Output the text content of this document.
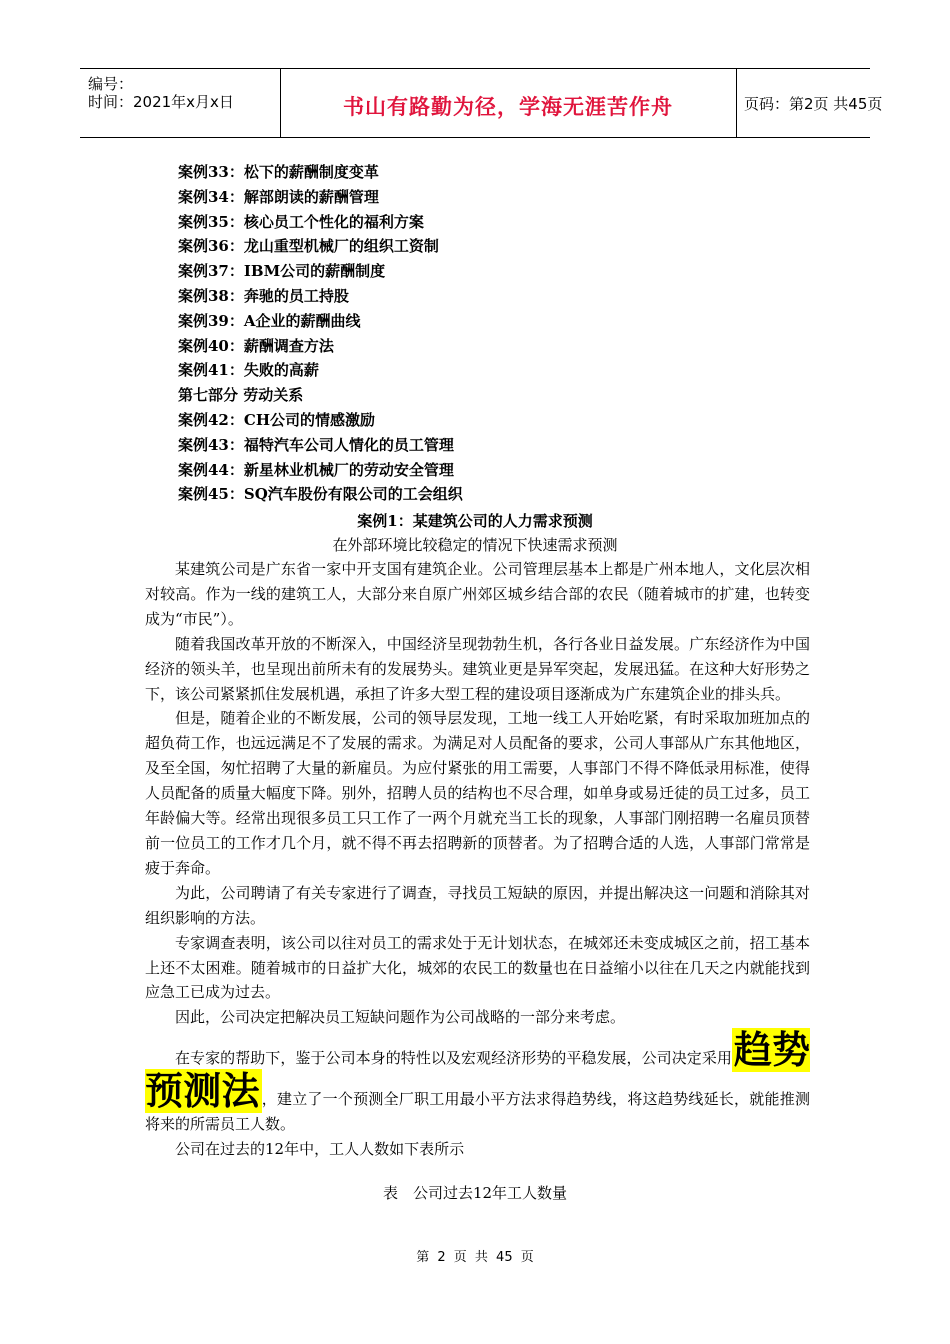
编号：
时间：2021年x月x日	书山有路勤为径，学海无涯苦作舟	页码：第2页 共45页
案例33：松下的薪酬制度变革
案例34：解部朗读的薪酬管理
案例35：核心员工个性化的福利方案
案例36：龙山重型机械厂的组织工资制
案例37：IBM公司的薪酬制度
案例38：奔驰的员工持股
案例39：A企业的薪酬曲线
案例40：薪酬调查方法
案例41：失败的高薪
第七部分 劳动关系
案例42：CH公司的情感激励
案例43：福特汽车公司人情化的员工管理
案例44：新星林业机械厂的劳动安全管理
案例45：SQ汽车股份有限公司的工会组织
案例1：某建筑公司的人力需求预测
在外部环境比较稳定的情况下快速需求预测

某建筑公司是广东省一家中开支国有建筑企业。公司管理层基本上都是广州本地人，文化层次相对较高。作为一线的建筑工人，大部分来自原广州郊区城乡结合部的农民（随着城市的扩建，也转变成为“市民”）。

随着我国改革开放的不断深入，中国经济呈现勃勃生机，各行各业日益发展。广东经济作为中国经济的领头羊，也呈现出前所未有的发展势头。建筑业更是异军突起，发展迅猛。在这种大好形势之下，该公司紧紧抓住发展机遇，承担了许多大型工程的建设项目逐渐成为广东建筑企业的排头兵。

但是，随着企业的不断发展，公司的领导层发现，工地一线工人开始吃紧，有时采取加班加点的超负荷工作，也远远满足不了发展的需求。为满足对人员配备的要求，公司人事部从广东其他地区，及至全国，匆忙招聘了大量的新雇员。为应付紧张的用工需要，人事部门不得不降低录用标准，使得人员配备的质量大幅度下降。别外，招聘人员的结构也不尽合理，如单身或易迁徒的员工过多，员工年龄偏大等。经常出现很多员工只工作了一两个月就充当工长的现象，人事部门刚招聘一名雇员顶替前一位员工的工作才几个月，就不得不再去招聘新的顶替者。为了招聘合适的人选，人事部门常常是疲于奔命。

为此，公司聘请了有关专家进行了调查，寻找员工短缺的原因，并提出解决这一问题和消除其对组织影响的方法。

专家调查表明，该公司以往对员工的需求处于无计划状态，在城郊还未变成城区之前，招工基本上还不太困难。随着城市的日益扩大化，城郊的农民工的数量也在日益缩小以往在几天之内就能找到应急工已成为过去。

因此，公司决定把解决员工短缺问题作为公司战略的一部分来考虑。

在专家的帮助下，鉴于公司本身的特性以及宏观经济形势的平稳发展，公司决定采用趋势预测法 ，建立了一个预测全厂职工用最小平方法求得趋势线，将这趋势线延长，就能推测将来的所需员工人数。

公司在过去的12年中，工人人数如下表所示

表　公司过去12年工人数量
第 2 页 共 45 页
